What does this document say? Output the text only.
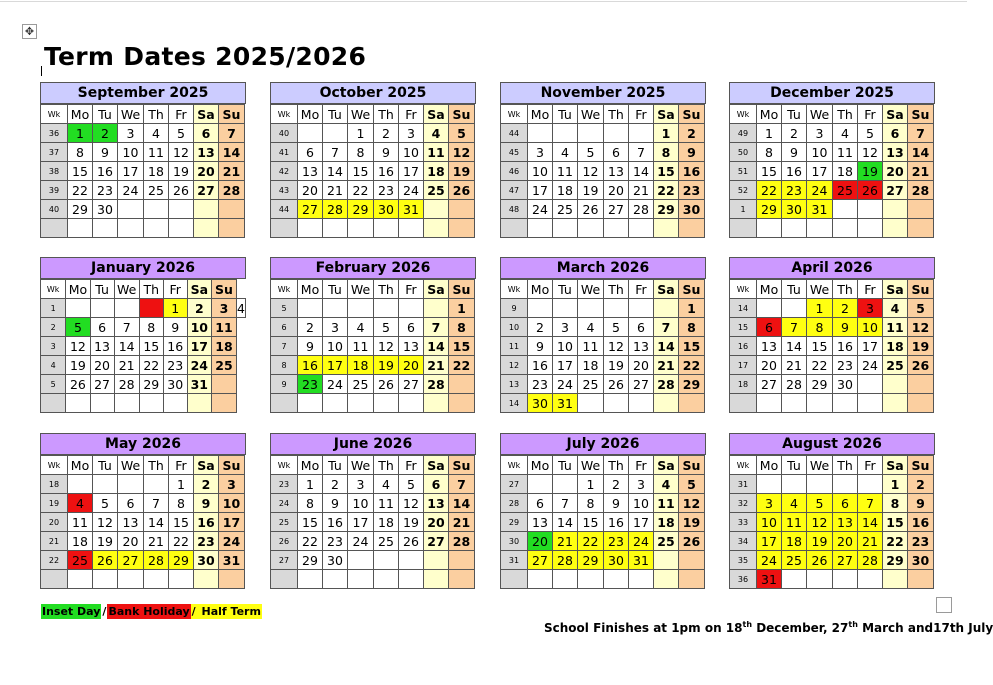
✥
Term Dates 2025/2026
September 2025
Wk	Mo	Tu	We	Th	Fr	Sa	Su
36	1	2	3	4	5	6	7
37	8	9	10	11	12	13	14
38	15	16	17	18	19	20	21
39	22	23	24	25	26	27	28
40	29	30					

October 2025
Wk	Mo	Tu	We	Th	Fr	Sa	Su
40			1	2	3	4	5
41	6	7	8	9	10	11	12
42	13	14	15	16	17	18	19
43	20	21	22	23	24	25	26
44	27	28	29	30	31		

November 2025
Wk	Mo	Tu	We	Th	Fr	Sa	Su
44						1	2
45	3	4	5	6	7	8	9
46	10	11	12	13	14	15	16
47	17	18	19	20	21	22	23
48	24	25	26	27	28	29	30

December 2025
Wk	Mo	Tu	We	Th	Fr	Sa	Su
49	1	2	3	4	5	6	7
50	8	9	10	11	12	13	14
51	15	16	17	18	19	20	21
52	22	23	24	25	26	27	28
1	29	30	31				

January 2026
Wk	Mo	Tu	We	Th	Fr	Sa	Su	
1					1	2	3	4
2	5	6	7	8	9	10	11	
3	12	13	14	15	16	17	18	
4	19	20	21	22	23	24	25	
5	26	27	28	29	30	31		

February 2026
Wk	Mo	Tu	We	Th	Fr	Sa	Su
5							1
6	2	3	4	5	6	7	8
7	9	10	11	12	13	14	15
8	16	17	18	19	20	21	22
9	23	24	25	26	27	28	

March 2026
Wk	Mo	Tu	We	Th	Fr	Sa	Su
9							1
10	2	3	4	5	6	7	8
11	9	10	11	12	13	14	15
12	16	17	18	19	20	21	22
13	23	24	25	26	27	28	29
14	30	31					
April 2026
Wk	Mo	Tu	We	Th	Fr	Sa	Su
14			1	2	3	4	5
15	6	7	8	9	10	11	12
16	13	14	15	16	17	18	19
17	20	21	22	23	24	25	26
18	27	28	29	30			

May 2026
Wk	Mo	Tu	We	Th	Fr	Sa	Su
18					1	2	3
19	4	5	6	7	8	9	10
20	11	12	13	14	15	16	17
21	18	19	20	21	22	23	24
22	25	26	27	28	29	30	31

June 2026
Wk	Mo	Tu	We	Th	Fr	Sa	Su
23	1	2	3	4	5	6	7
24	8	9	10	11	12	13	14
25	15	16	17	18	19	20	21
26	22	23	24	25	26	27	28
27	29	30					

July 2026
Wk	Mo	Tu	We	Th	Fr	Sa	Su
27			1	2	3	4	5
28	6	7	8	9	10	11	12
29	13	14	15	16	17	18	19
30	20	21	22	23	24	25	26
31	27	28	29	30	31		

August 2026
Wk	Mo	Tu	We	Th	Fr	Sa	Su
31						1	2
32	3	4	5	6	7	8	9
33	10	11	12	13	14	15	16
34	17	18	19	20	21	22	23
35	24	25	26	27	28	29	30
36	31						
Inset Day / Bank Holiday / Half Term
School Finishes at 1pm on 18th December, 27th March and17th July
